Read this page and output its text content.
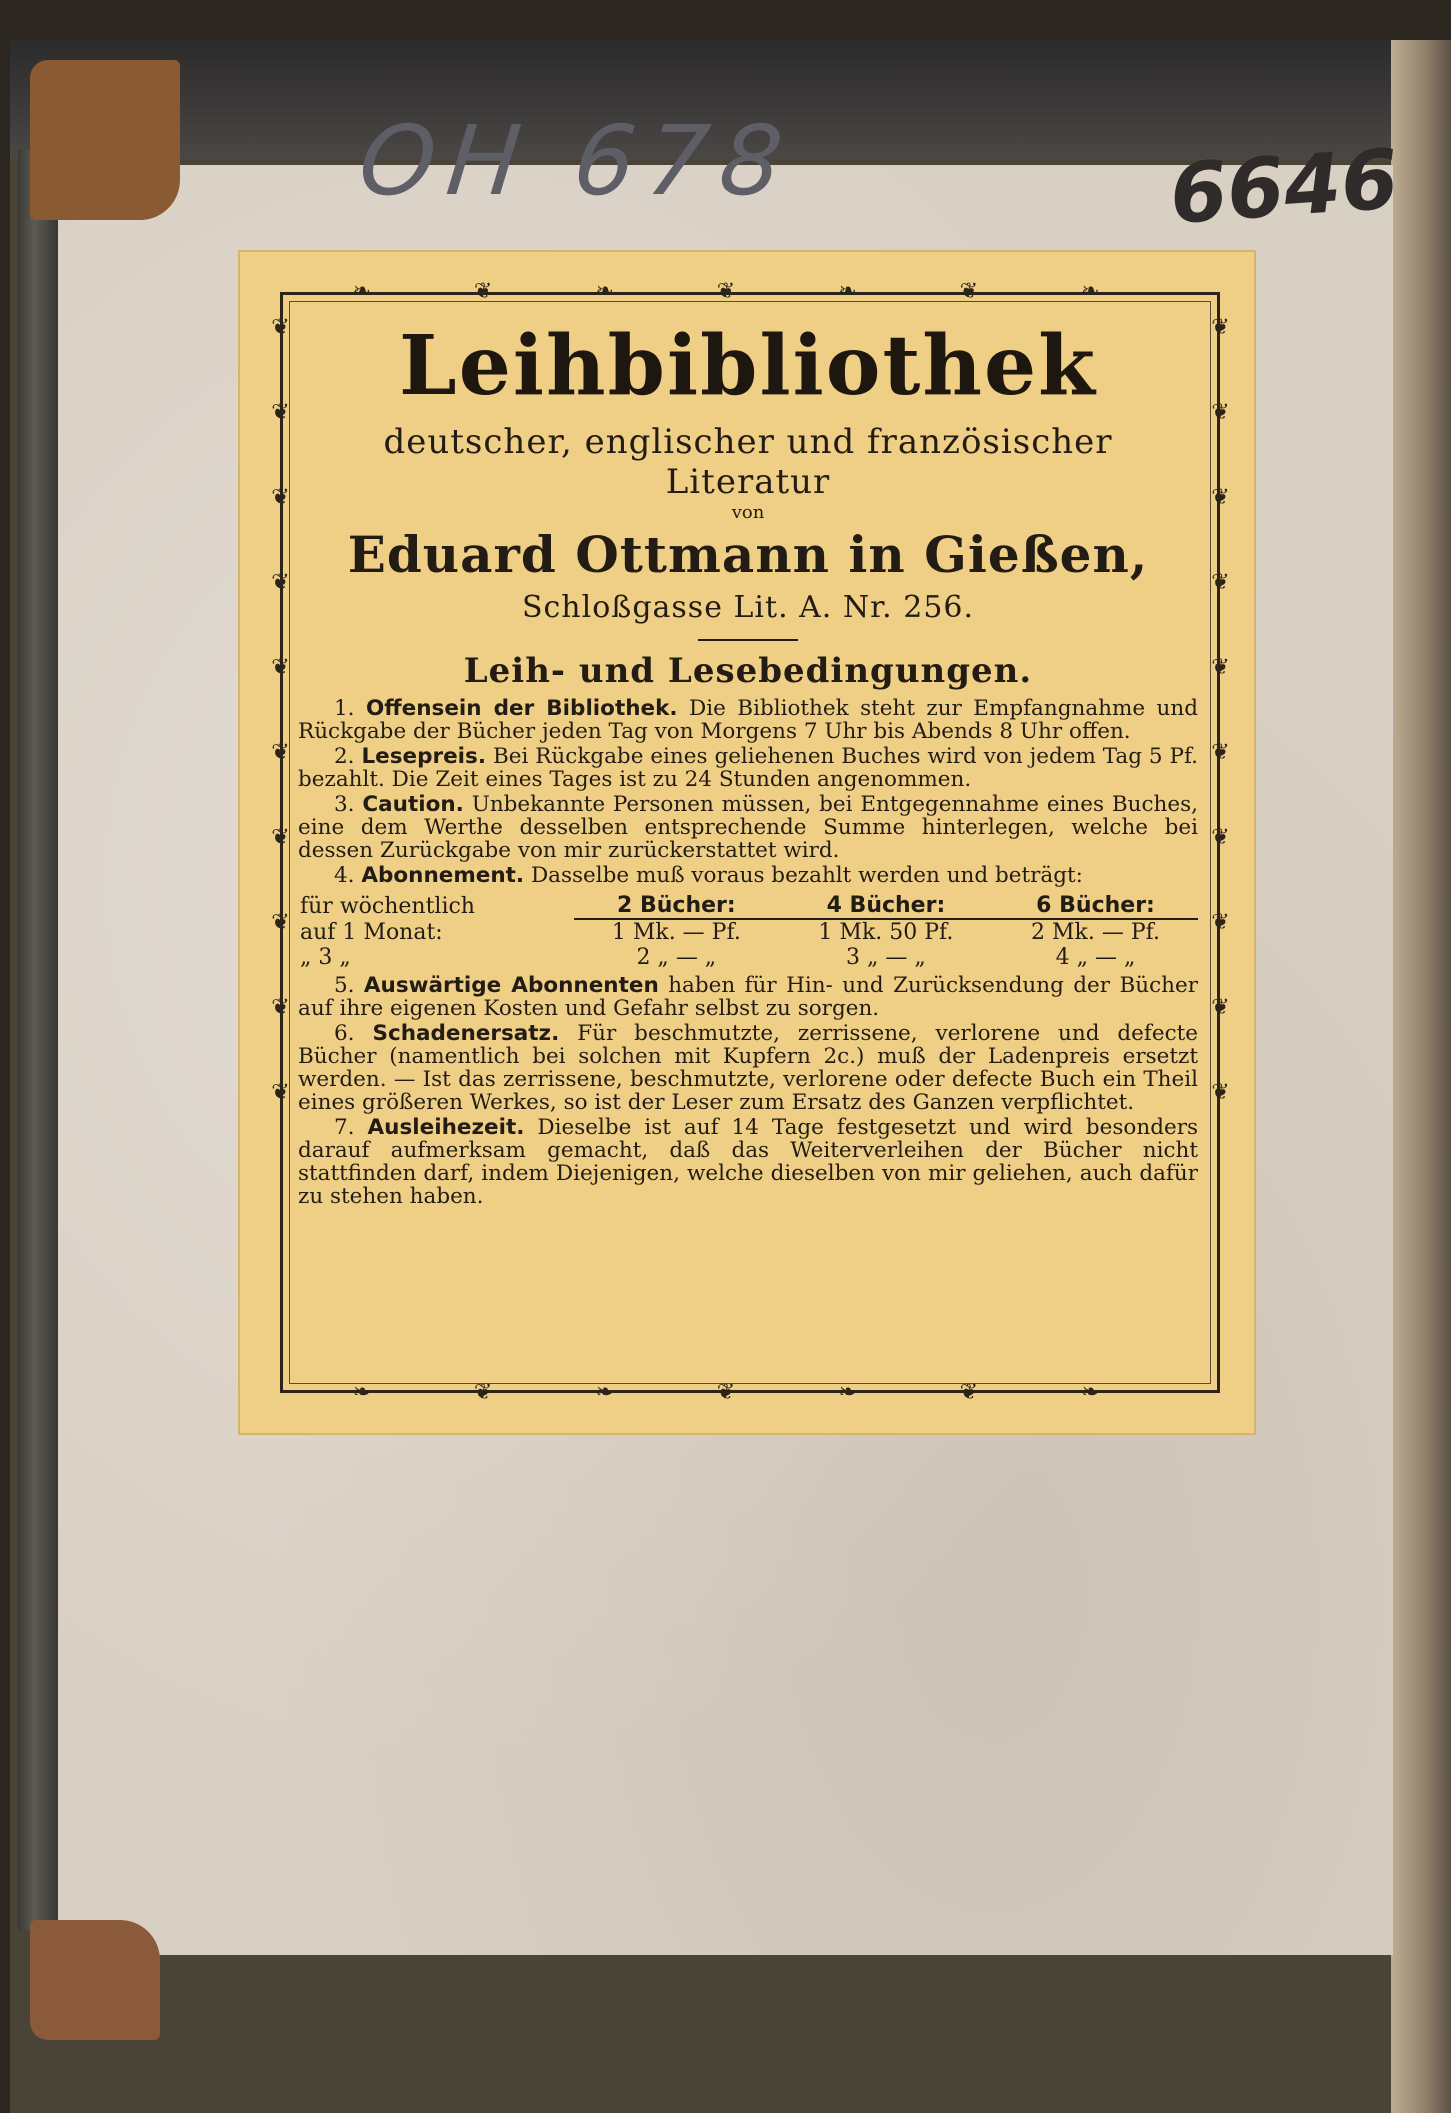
OH 678	6646
❧ ❦ ❧ ❦ ❧ ❦ ❧
❧ ❦ ❧ ❦ ❧ ❦ ❧
❦❦❦❦❦❦❦❦❦❦	❦❦❦❦❦❦❦❦❦❦
Leihbibliothek
deutscher, englischer und französischer Literatur
von
Eduard Ottmann in Gießen,
Schloßgasse Lit. A. Nr. 256.
Leih- und Lesebedingungen.

1. Offensein der Bibliothek. Die Bibliothek steht zur Empfangnahme und Rückgabe der Bücher jeden Tag von Morgens 7 Uhr bis Abends 8 Uhr offen.

2. Lesepreis. Bei Rückgabe eines geliehenen Buches wird von jedem Tag 5 Pf. bezahlt. Die Zeit eines Tages ist zu 24 Stunden angenommen.

3. Caution. Unbekannte Personen müssen, bei Entgegennahme eines Buches, eine dem Werthe desselben entsprechende Summe hinterlegen, welche bei dessen Zurückgabe von mir zurückerstattet wird.

4. Abonnement. Dasselbe muß voraus bezahlt werden und beträgt:

für wöchentlich	2 Bücher:	4 Bücher:	6 Bücher:
auf 1 Monat:	1 Mk. — Pf.	1 Mk. 50 Pf.	2 Mk. — Pf.
„ 3 „	2 „ — „	3 „ — „	4 „ — „

5. Auswärtige Abonnenten haben für Hin- und Zurücksendung der Bücher auf ihre eigenen Kosten und Gefahr selbst zu sorgen.

6. Schadenersatz. Für beschmutzte, zerrissene, verlorene und defecte Bücher (namentlich bei solchen mit Kupfern 2c.) muß der Ladenpreis ersetzt werden. — Ist das zerrissene, beschmutzte, verlorene oder defecte Buch ein Theil eines größeren Werkes, so ist der Leser zum Ersatz des Ganzen verpflichtet.

7. Ausleihezeit. Dieselbe ist auf 14 Tage festgesetzt und wird besonders darauf aufmerksam gemacht, daß das Weiterverleihen der Bücher nicht stattfinden darf, indem Diejenigen, welche dieselben von mir geliehen, auch dafür zu stehen haben.
